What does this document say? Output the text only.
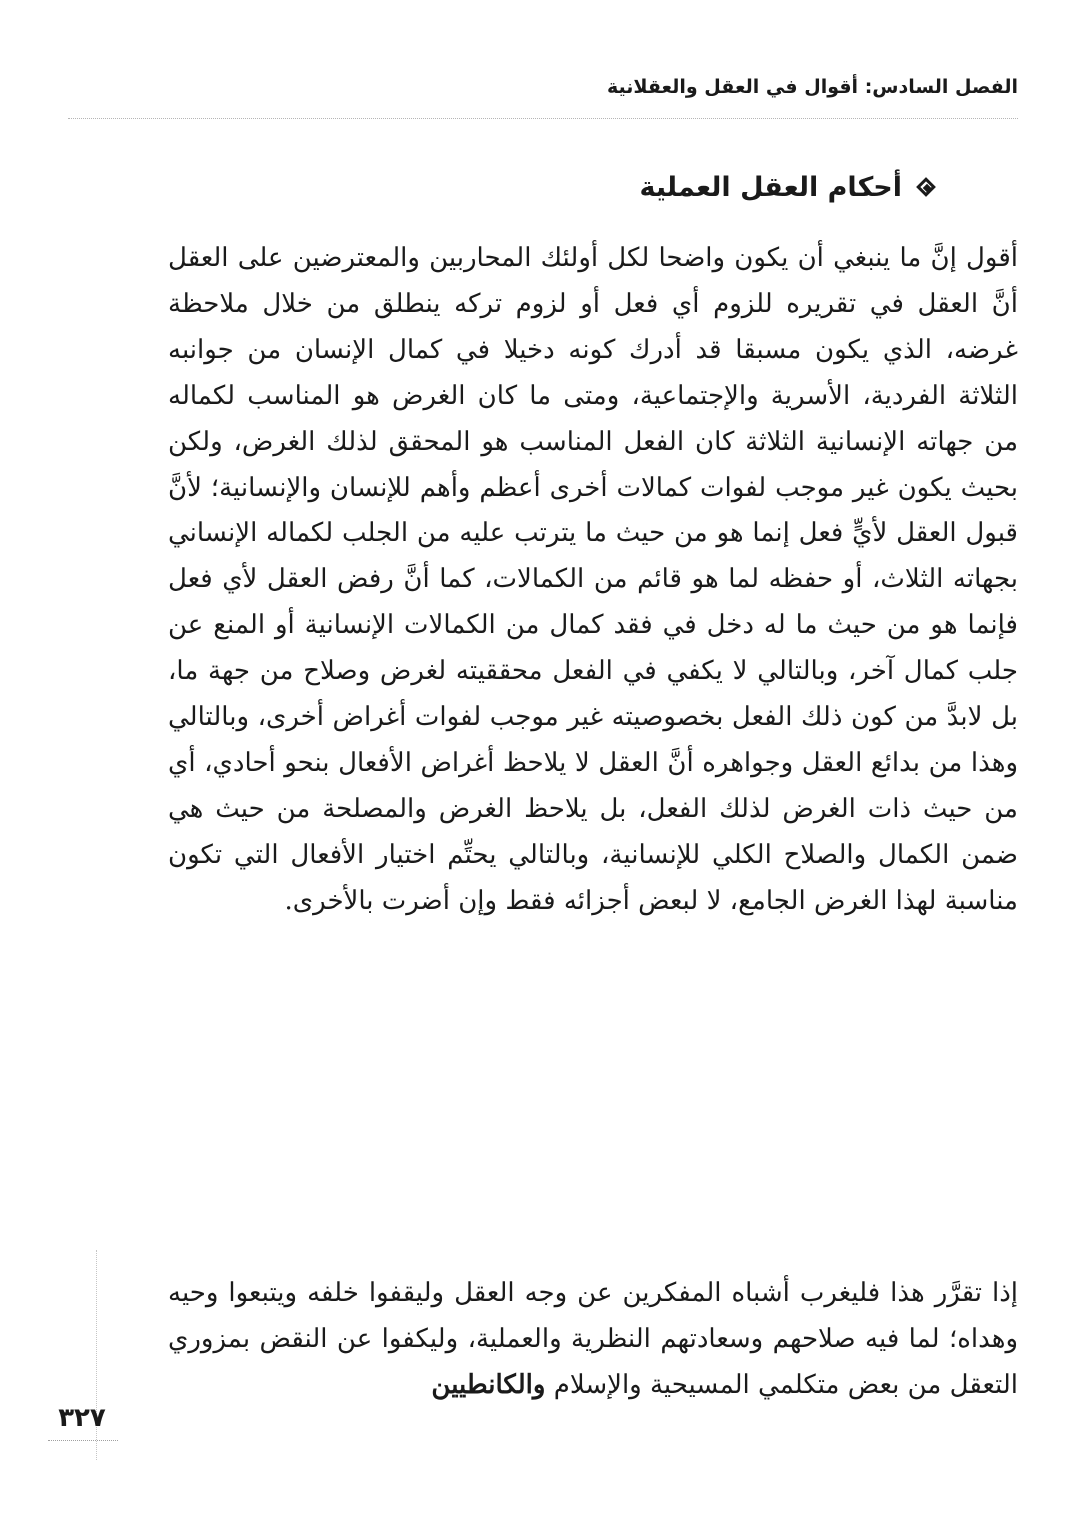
الفصل السادس: أقوال في العقل والعقلانية
أحكام العقل العملية

أقول إنَّ ما ينبغي أن يكون واضحا لكل أولئك المحاربين والمعترضين على العقل أنَّ العقل في تقريره للزوم أي فعل أو لزوم تركه ينطلق من خلال ملاحظة غرضه، الذي يكون مسبقا قد أدرك كونه دخيلا في كمال الإنسان من جوانبه الثلاثة الفردية، الأسرية والإجتماعية، ومتى ما كان الغرض هو المناسب لكماله من جهاته الإنسانية الثلاثة كان الفعل المناسب هو المحقق لذلك الغرض، ولكن بحيث يكون غير موجب لفوات كمالات أخرى أعظم وأهم للإنسان والإنسانية؛ لأنَّ قبول العقل لأيٍّ فعل إنما هو من حيث ما يترتب عليه من الجلب لكماله الإنساني بجهاته الثلاث، أو حفظه لما هو قائم من الكمالات، كما أنَّ رفض العقل لأي فعل فإنما هو من حيث ما له دخل في فقد كمال من الكمالات الإنسانية أو المنع عن جلب كمال آخر، وبالتالي لا يكفي في الفعل محققيته لغرض وصلاح من جهة ما، بل لابدَّ من كون ذلك الفعل بخصوصيته غير موجب لفوات أغراض أخرى، وبالتالي وهذا من بدائع العقل وجواهره أنَّ العقل لا يلاحظ أغراض الأفعال بنحو أحادي، أي من حيث ذات الغرض لذلك الفعل، بل يلاحظ الغرض والمصلحة من حيث هي ضمن الكمال والصلاح الكلي للإنسانية، وبالتالي يحتِّم اختيار الأفعال التي تكون مناسبة لهذا الغرض الجامع، لا لبعض أجزائه فقط وإن أضرت بالأخرى.

إذا تقرَّر هذا فليغرب أشباه المفكرين عن وجه العقل وليقفوا خلفه ويتبعوا وحيه وهداه؛ لما فيه صلاحهم وسعادتهم النظرية والعملية، وليكفوا عن النقض بمزوري التعقل من بعض متكلمي المسيحية والإسلام والكانطيين

٣٢٧
